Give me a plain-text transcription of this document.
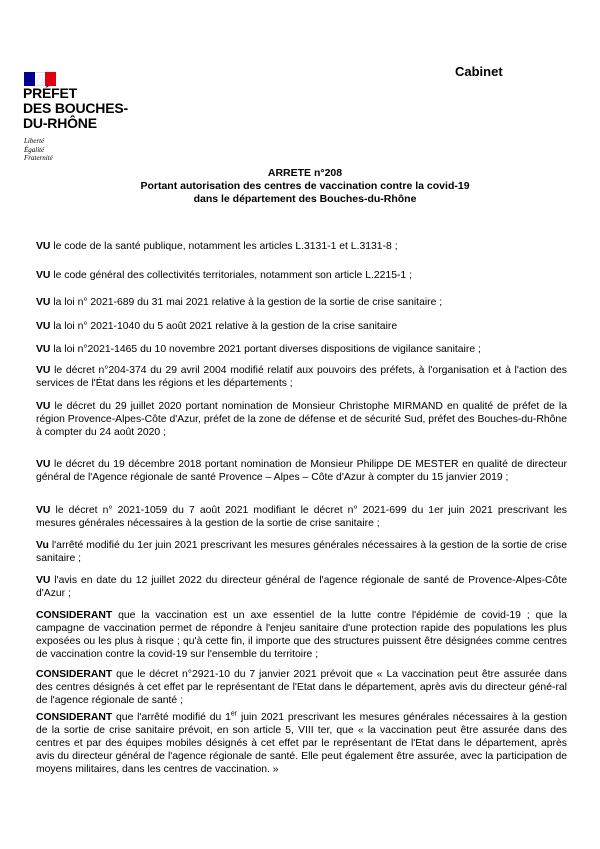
PRÉFET
DES BOUCHES-
DU-RHÔNE
Liberté
Égalité
Fraternité
Cabinet
ARRETE n°208
Portant autorisation des centres de vaccination contre la covid-19
dans le département des Bouches-du-Rhône
VU le code de la santé publique, notamment les articles L.3131-1 et L.3131-8 ;
VU le code général des collectivités territoriales, notamment son article L.2215-1 ;
VU la loi n° 2021-689 du 31 mai 2021 relative à la gestion de la sortie de crise sanitaire ;
VU la loi n° 2021-1040 du 5 août 2021 relative à la gestion de la crise sanitaire
VU la loi n°2021-1465 du 10 novembre 2021 portant diverses dispositions de vigilance sanitaire ;
VU le décret n°204-374 du 29 avril 2004 modifié relatif aux pouvoirs des préfets, à l'organisation et à l'action des services de l'État dans les régions et les départements ;
VU le décret du 29 juillet 2020 portant nomination de Monsieur Christophe MIRMAND en qualité de préfet de la région Provence-Alpes-Côte d'Azur, préfet de la zone de défense et de sécurité Sud, préfet des Bouches-du-Rhône à compter du 24 août 2020 ;
VU le décret du 19 décembre 2018 portant nomination de Monsieur Philippe DE MESTER en qualité de directeur général de l'Agence régionale de santé Provence – Alpes – Côte d'Azur à compter du 15 janvier 2019 ;
VU le décret n° 2021-1059 du 7 août 2021 modifiant le décret n° 2021-699 du 1er juin 2021 prescrivant les mesures générales nécessaires à la gestion de la sortie de crise sanitaire ;
Vu l'arrêté modifié du 1er juin 2021 prescrivant les mesures générales nécessaires à la gestion de la sortie de crise sanitaire ;
VU l'avis en date du 12 juillet 2022 du directeur général de l'agence régionale de santé de Provence-Alpes-Côte d'Azur ;
CONSIDERANT que la vaccination est un axe essentiel de la lutte contre l'épidémie de covid-19 ; que la campagne de vaccination permet de répondre à l'enjeu sanitaire d'une protection rapide des populations les plus exposées ou les plus à risque ; qu'à cette fin, il importe que des structures puissent être désignées comme centres de vaccination contre la covid-19 sur l'ensemble du territoire ;
CONSIDERANT que le décret n°2921-10 du 7 janvier 2021 prévoit que « La vaccination peut être assurée dans des centres désignés à cet effet par le représentant de l'Etat dans le département, après avis du directeur géné-ral de l'agence régionale de santé ;
CONSIDERANT que l'arrêté modifié du 1er juin 2021 prescrivant les mesures générales nécessaires à la gestion de la sortie de crise sanitaire prévoit, en son article 5, VIII ter, que « la vaccination peut être assurée dans des centres et par des équipes mobiles désignés à cet effet par le représentant de l'Etat dans le département, après avis du directeur général de l'agence régionale de santé. Elle peut également être assurée, avec la participation de moyens militaires, dans les centres de vaccination. »
